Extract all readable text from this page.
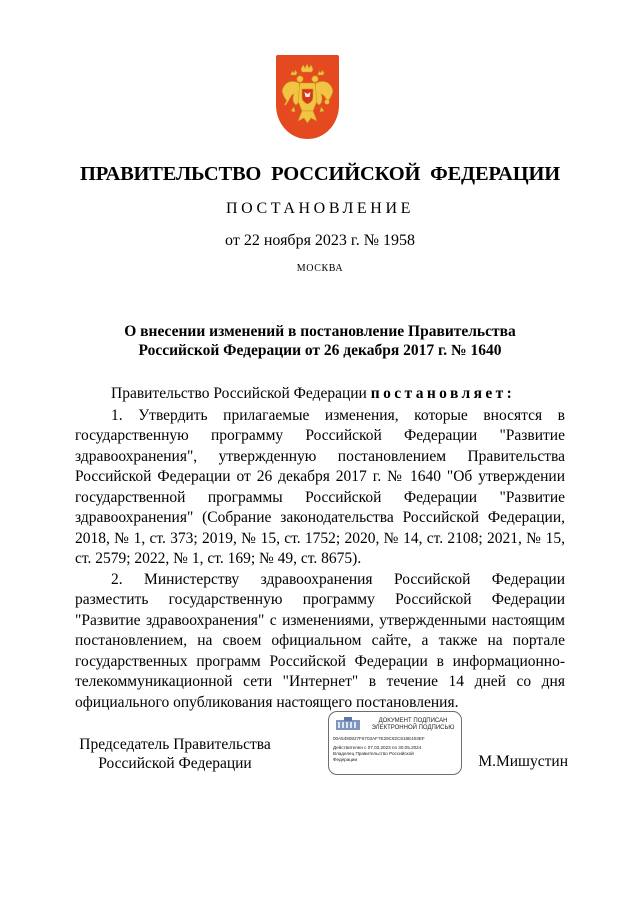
ПРАВИТЕЛЬСТВО РОССИЙСКОЙ ФЕДЕРАЦИИ
ПОСТАНОВЛЕНИЕ
от 22 ноября 2023 г. № 1958
МОСКВА
О внесении изменений в постановление Правительства
Российской Федерации от 26 декабря 2017 г. № 1640

Правительство Российской Федерации постановляет:

1. Утвердить прилагаемые изменения, которые вносятся в государственную программу Российской Федерации "Развитие здравоохранения", утвержденную постановлением Правительства Российской Федерации от 26 декабря 2017 г. № 1640 "Об утверждении государственной программы Российской Федерации "Развитие здравоохранения" (Собрание законодательства Российской Федерации, 2018, № 1, ст. 373; 2019, № 15, ст. 1752; 2020, № 14, ст. 2108; 2021, № 15, ст. 2579; 2022, № 1, ст. 169; № 49, ст. 8675).

2. Министерству здравоохранения Российской Федерации разместить государственную программу Российской Федерации "Развитие здравоохранения" с изменениями, утвержденными настоящим постановлением, на своем официальном сайте, а также на портале государственных программ Российской Федерации в информационно-телекоммуникационной сети "Интернет" в течение 14 дней со дня официального опубликования настоящего постановления.

Председатель Правительства
Российской Федерации
ДОКУМЕНТ ПОДПИСАН
ЭЛЕКТРОННОЙ ПОДПИСЬЮ
00A5490827F6703AF7E29C82C818E403EF
Действителен с 07.03.2023 по 30.05.2024
Владелец Правительство Российской
Федерации	М.Мишустин
